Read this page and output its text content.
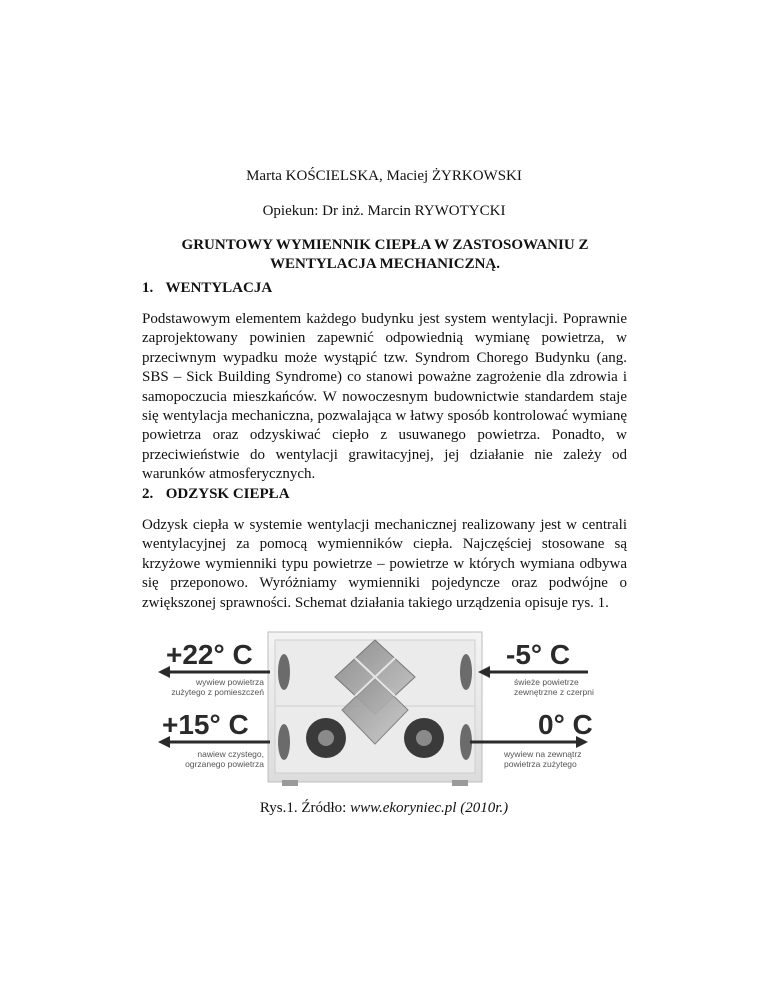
Marta KOŚCIELSKA, Maciej ŻYRKOWSKI
Opiekun: Dr inż. Marcin RYWOTYCKI
GRUNTOWY WYMIENNIK CIEPŁA W ZASTOSOWANIU Z
WENTYLACJA MECHANICZNĄ.
1. WENTYLACJA
Podstawowym elementem każdego budynku jest system wentylacji. Poprawnie zaprojektowany powinien zapewnić odpowiednią wymianę powietrza, w przeciwnym wypadku może wystąpić tzw. Syndrom Chorego Budynku (ang. SBS – Sick Building Syndrome) co stanowi poważne zagrożenie dla zdrowia i samopoczucia mieszkańców. W nowoczesnym budownictwie standardem staje się wentylacja mechaniczna, pozwalająca w łatwy sposób kontrolować wymianę powietrza oraz odzyskiwać ciepło z usuwanego powietrza. Ponadto, w przeciwieństwie do wentylacji grawitacyjnej, jej działanie nie zależy od warunków atmosferycznych.
2. ODZYSK CIEPŁA
Odzysk ciepła w systemie wentylacji mechanicznej realizowany jest w centrali wentylacyjnej za pomocą wymienników ciepła. Najczęściej stosowane są krzyżowe wymienniki typu powietrze – powietrze w których wymiana odbywa się przeponowo. Wyróżniamy wymienniki pojedyncze oraz podwójne o zwiększonej sprawności. Schemat działania takiego urządzenia opisuje rys. 1.
+22° C	-5° C
+15° C	0° C
wywiew powietrza
zużytego z pomieszczeń
świeże powietrze
zewnętrzne z czerpni
nawiew czystego,
ogrzanego powietrza
wywiew na zewnątrz
powietrza zużytego
Rys.1. Źródło: www.ekoryniec.pl (2010r.)
